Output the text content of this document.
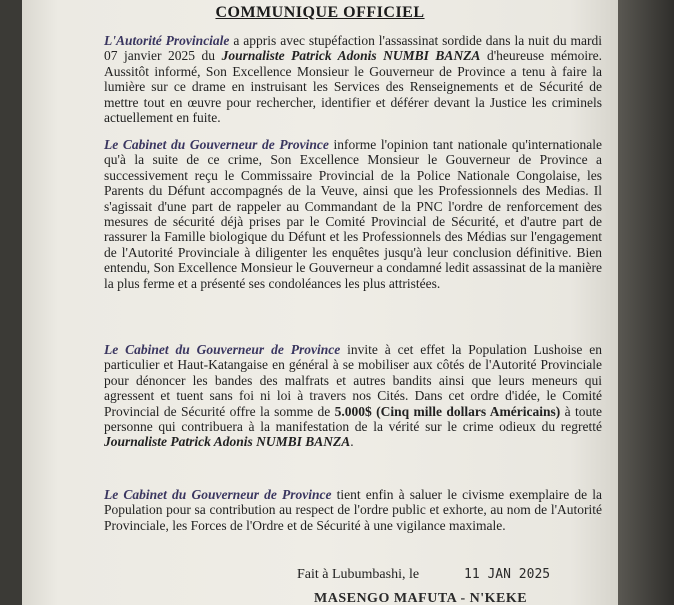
COMMUNIQUE OFFICIEL
L'Autorité Provinciale a appris avec stupéfaction l'assassinat sordide dans la nuit du mardi 07 janvier 2025 du Journaliste Patrick Adonis NUMBI BANZA d'heureuse mémoire. Aussitôt informé, Son Excellence Monsieur le Gouverneur de Province a tenu à faire la lumière sur ce drame en instruisant les Services des Renseignements et de Sécurité de mettre tout en œuvre pour rechercher, identifier et déférer devant la Justice les criminels actuellement en fuite.
Le Cabinet du Gouverneur de Province informe l'opinion tant nationale qu'internationale qu'à la suite de ce crime, Son Excellence Monsieur le Gouverneur de Province a successivement reçu le Commissaire Provincial de la Police Nationale Congolaise, les Parents du Défunt accompagnés de la Veuve, ainsi que les Professionnels des Medias. Il s'agissait d'une part de rappeler au Commandant de la PNC l'ordre de renforcement des mesures de sécurité déjà prises par le Comité Provincial de Sécurité, et d'autre part de rassurer la Famille biologique du Défunt et les Professionnels des Médias sur l'engagement de l'Autorité Provinciale à diligenter les enquêtes jusqu'à leur conclusion définitive. Bien entendu, Son Excellence Monsieur le Gouverneur a condamné ledit assassinat de la manière la plus ferme et a présenté ses condoléances les plus attristées.
Le Cabinet du Gouverneur de Province invite à cet effet la Population Lushoise en particulier et Haut-Katangaise en général à se mobiliser aux côtés de l'Autorité Provinciale pour dénoncer les bandes des malfrats et autres bandits ainsi que leurs meneurs qui agressent et tuent sans foi ni loi à travers nos Cités. Dans cet ordre d'idée, le Comité Provincial de Sécurité offre la somme de 5.000$ (Cinq mille dollars Américains) à toute personne qui contribuera à la manifestation de la vérité sur le crime odieux du regretté Journaliste Patrick Adonis NUMBI BANZA.
Le Cabinet du Gouverneur de Province tient enfin à saluer le civisme exemplaire de la Population pour sa contribution au respect de l'ordre public et exhorte, au nom de l'Autorité Provinciale, les Forces de l'Ordre et de Sécurité à une vigilance maximale.
Fait à Lubumbashi, le	11 JAN 2025
MASENGO MAFUTA - N'KEKE
